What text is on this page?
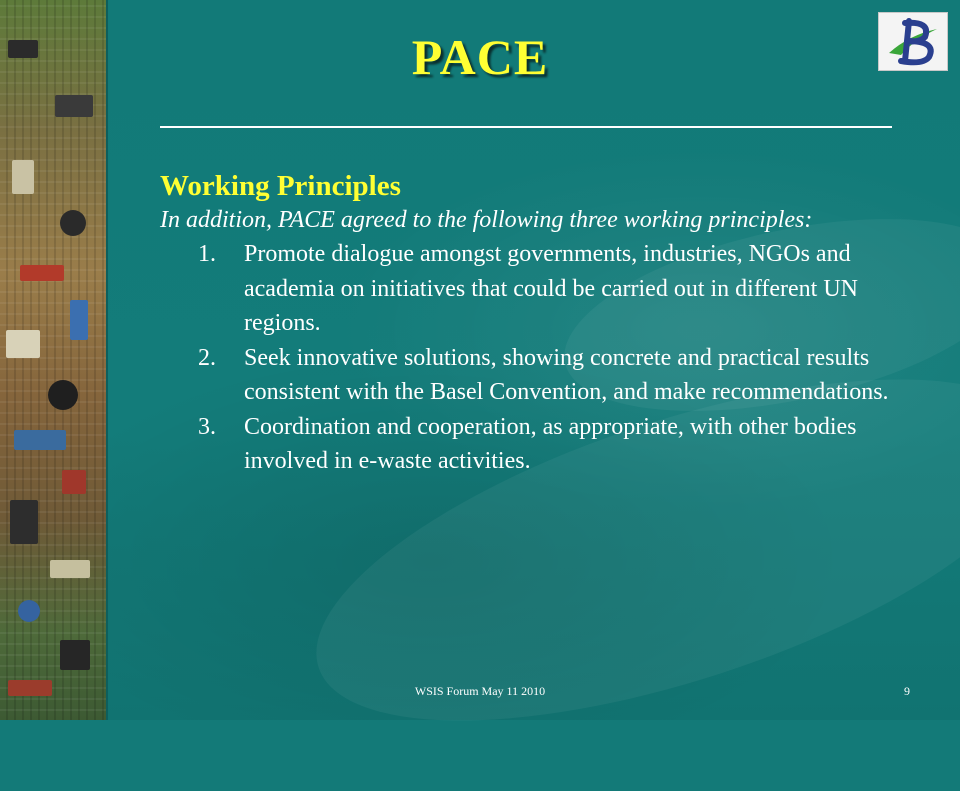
PACE
Working Principles
In addition, PACE agreed to the following three working principles:
1. Promote dialogue amongst governments, industries, NGOs and academia on initiatives that could be carried out in different UN regions.
2. Seek innovative solutions, showing concrete and practical results consistent with the Basel Convention, and make recommendations.
3. Coordination and cooperation, as appropriate, with other bodies involved in e-waste activities.
WSIS Forum May 11 2010	9
